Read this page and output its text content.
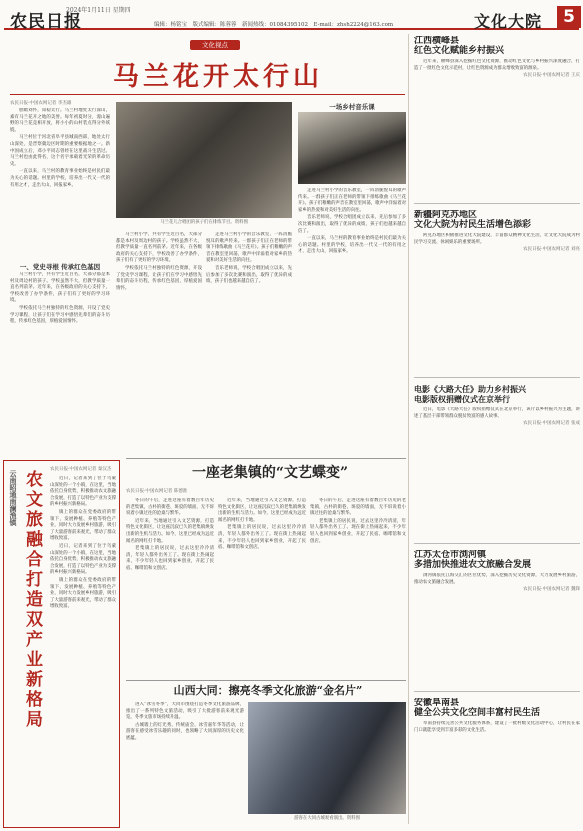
农民日报
2024年1月11日 星期四
编辑：杨铭宝　版式编辑：陈蓉蓉　新闻热线：01084395102　E-mail：zhsh2224@163.com	文化大院	5
文化视点
马兰花开太行山
农民日报·中国农网记者 李杰雄

胆瞻刘怀，知稳太行。马兰村地处太行深山，素有马兰花开之地的美誉。每年初夏时分，漫山遍野的马兰花竞相开放，将小小的山村装点得分外妖娆。

马兰村位于河北省阜平县城南西部，地处太行山深处，是晋察冀边区时期的重要根据地之一。新中国成立后，邓小平同志曾经在这里战斗生活过。马兰村也由此得名，这个名字承载着光荣的革命历史。

一直以来，马兰村的教育事业始终是村民们最为关心的话题。村里的学校，培养出一代又一代的有用之才，走出大山，回报家乡。

一、党史寻根 传承红色基因

马兰村小学，共有学生近百名，大部分都是本村及周边村的孩子。学校虽然不大，但教学质量一直名列前茅。近年来，在各级政府的关心支持下，学校改善了办学条件，孩子们有了更好的学习环境。

学校依托马兰村独特的红色资源，开设了党史学习课程，让孩子们在学习中感悟先辈们的奋斗历程，传承红色基因，厚植爱国情怀。

马兰花儿合唱团的孩子们在排练节目。资料图

马兰村小学，共有学生近百名，大部分都是本村及周边村的孩子。学校虽然不大，但教学质量一直名列前茅。近年来，在各级政府的关心支持下，学校改善了办学条件，孩子们有了更好的学习环境。

学校依托马兰村独特的红色资源，开设了党史学习课程，让孩子们在学习中感悟先辈们的奋斗历程，传承红色基因，厚植爱国情怀。

走进马兰村小学的音乐教室，一阵清脆悦耳的歌声传来。一群孩子们正在老师的带领下排练歌曲《马兰花开》。孩子们稚嫩的声音在教室里回荡，歌声中洋溢着对家乡的热爱和对美好生活的向往。

音乐老师说，学校合唱团成立以来，先后参加了多次比赛和演出，取得了优异的成绩，孩子们也越来越自信了。

一场乡村音乐课

走进马兰村小学的音乐教室，一阵清脆悦耳的歌声传来。一群孩子们正在老师的带领下排练歌曲《马兰花开》。孩子们稚嫩的声音在教室里回荡，歌声中洋溢着对家乡的热爱和对美好生活的向往。

音乐老师说，学校合唱团成立以来，先后参加了多次比赛和演出，取得了优异的成绩，孩子们也越来越自信了。

一直以来，马兰村的教育事业始终是村民们最为关心的话题。村里的学校，培养出一代又一代的有用之才，走出大山，回报家乡。

云南昭通南澜渔镇 农文旅融合打造双产业新格局
农民日报·中国农网记者 秦汉杰

近日，记者来到了位于乌蒙山深处的一个小镇，在这里，当地依托自身优势，积极推动农文旅融合发展，打造了以特色产业为支撑的乡村振兴新格局。

镇上的群众在党委政府的带领下，发展种植、养殖等特色产业，同时大力发展乡村旅游，吸引了大量游客前来观光，带动了群众增收致富。

近日，记者来到了位于乌蒙山深处的一个小镇，在这里，当地依托自身优势，积极推动农文旅融合发展，打造了以特色产业为支撑的乡村振兴新格局。

镇上的群众在党委政府的带领下，发展种植、养殖等特色产业，同时大力发展乡村旅游，吸引了大量游客前来观光，带动了群众增收致富。

一座老集镇的“文艺蝶变”
农民日报·中国农网记者 陈德淮

冬日的午后，走进这座有着数百年历史的老集镇，古朴的街巷、斑驳的墙面，无不诉说着小镇过往的沧桑与繁华。

近年来，当地通过引入文艺资源，打造特色文化街区，让这座沉寂已久的老集镇焕发出新的生机与活力。如今，这里已经成为远近闻名的网红打卡地。

老集镇上的居民说，过去这里冷冷清清，年轻人都外出务工了。现在街上热闹起来，不少年轻人也回到家乡创业，开起了民宿、咖啡馆和文创店。

近年来，当地通过引入文艺资源，打造特色文化街区，让这座沉寂已久的老集镇焕发出新的生机与活力。如今，这里已经成为远近闻名的网红打卡地。

老集镇上的居民说，过去这里冷冷清清，年轻人都外出务工了。现在街上热闹起来，不少年轻人也回到家乡创业，开起了民宿、咖啡馆和文创店。

冬日的午后，走进这座有着数百年历史的老集镇，古朴的街巷、斑驳的墙面，无不诉说着小镇过往的沧桑与繁华。

老集镇上的居民说，过去这里冷冷清清，年轻人都外出务工了。现在街上热闹起来，不少年轻人也回到家乡创业，开起了民宿、咖啡馆和文创店。

山西大同：擦亮冬季文化旅游“金名片”

进入“冰雪冬季”，大同市围绕打造冬季文化旅游品牌，推出了一系列特色文旅活动，吸引了大批游客前来观光游览，冬季文旅市场持续升温。

古城墙上的灯光秀、传统庙会、冰雪嘉年华等活动，让游客在感受冰雪乐趣的同时，也领略了大同深厚的历史文化底蕴。

游客在大同古城观看演出。资料图
江西横峰县
红色文化赋能乡村振兴

近年来，横峰县深入挖掘红色文化资源，推动红色文化与乡村振兴深度融合，打造了一批红色文化示范村，让红色资源成为群众增收致富的源泉。

农民日报·中国农网记者 王庆

新疆阿克苏地区
文化大院为村民生活增色添彩

阿克苏地区积极推进文化大院建设，丰富群众精神文化生活，让文化大院成为村民学习交流、休闲娱乐的重要场所。

农民日报·中国农网记者 刘亮

电影《大路大任》助力乡村振兴
电影版权捐赠仪式在京举行

近日，电影《大路大任》版权捐赠仪式在北京举行，该片以乡村振兴为主题，讲述了基层干部带领群众脱贫致富的感人故事。

农民日报·中国农网记者 张成

江苏太仓市浏河镇
多措加快推进农文旅融合发展

浏河镇依托江海交汇的区位优势，深入挖掘历史文化资源，大力发展乡村旅游，推动农文旅融合发展。

农民日报·中国农网记者 魏锋

安徽阜南县
健全公共文化空间丰富村民生活

阜南县持续完善公共文化服务体系，建设了一批村级文化活动中心，让村民在家门口就能享受到丰富多彩的文化生活。
